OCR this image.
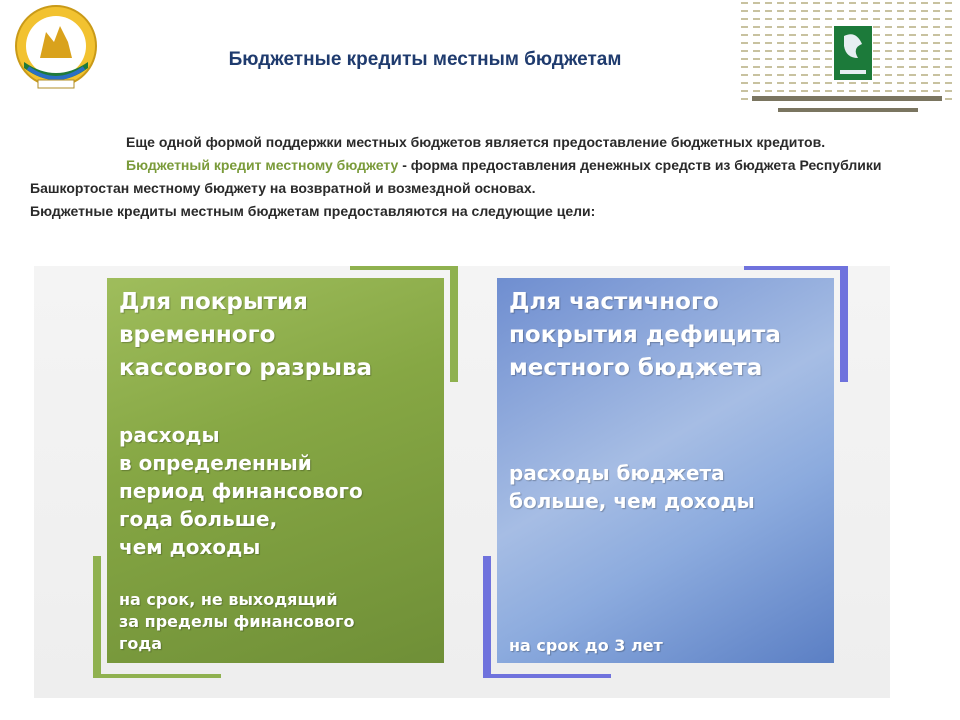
Бюджетные кредиты местным бюджетам

Еще одной формой поддержки местных бюджетов является предоставление бюджетных кредитов.

Бюджетный кредит местному бюджету - форма предоставления денежных средств из бюджета Республики Башкортостан местному бюджету на возвратной и возмездной основах.

Бюджетные кредиты местным бюджетам предоставляются на следующие цели:

Для покрытия
временного
кассового разрыва

расходы
в определенный
период финансового
года больше,
чем доходы

на срок, не выходящий
за пределы финансового
года

Для частичного
покрытия дефицита
местного бюджета

расходы бюджета
больше, чем доходы

на срок до 3 лет
